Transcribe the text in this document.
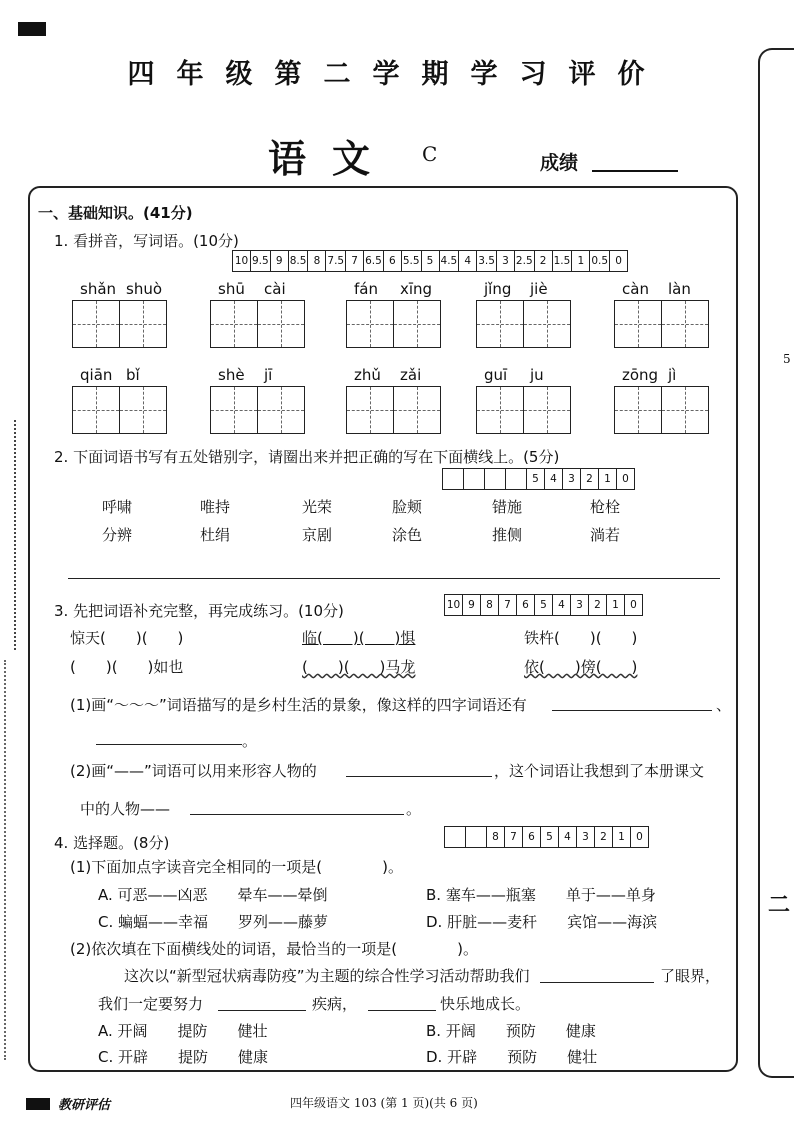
四年级第二学期学习评价
语文 C	成绩
5
二
一、基础知识。(41分)
1. 看拼音，写词语。(10分)
10 9.5 9 8.5 8 7.5 7 6.5 6 5.5 5 4.5 4 3.5 3 2.5 2 1.5 1 0.5 0
shǎn shuò	shū cài	fán xīng	jǐng jiè	càn làn
qiān bǐ	shè jī	zhǔ zǎi	guī ju	zōng jì
2. 下面词语书写有五处错别字，请圈出来并把正确的写在下面横线上。(5分)
5	4	3	2	1	0
呼啸	唯持	光荣	脸颊	错施	枪栓
分辨	杜绢	京剧	涂色	推侧	淌若
3. 先把词语补充完整，再完成练习。(10分)	10 9	8	7	6	5	4	3	2	1	0
惊天(　　)(　　)	临(　　)(　　)惧	铁杵(　　)(　　)
(　　)(　　)如也	(　　)(　　)马龙	依(　　)傍(　　)
(1)画“～～～”词语描写的是乡村生活的景象，像这样的四字词语还有	、
。
(2)画“——”词语可以用来形容人物的	，这个词语让我想到了本册课文
中的人物——	。
4. 选择题。(8分)	8	7	6	5	4	3	2	1	0
(1)下面加点字读音完全相同的一项是(　　　　)。
A. 可恶——凶恶　　晕车——晕倒	B. 塞车——瓶塞　　单于——单身
C. 蝙蝠——幸福　　罗列——藤萝	D. 肝脏——麦秆　　宾馆——海滨
(2)依次填在下面横线处的词语，最恰当的一项是(　　　　)。
这次以“新型冠状病毒防疫”为主题的综合性学习活动帮助我们	了眼界，
我们一定要努力	疾病，	快乐地成长。
A. 开阔　　提防　　健壮	B. 开阔　　预防　　健康
C. 开辟　　提防　　健康	D. 开辟　　预防　　健壮
教研评估	四年级语文 103 (第 1 页)(共 6 页)
